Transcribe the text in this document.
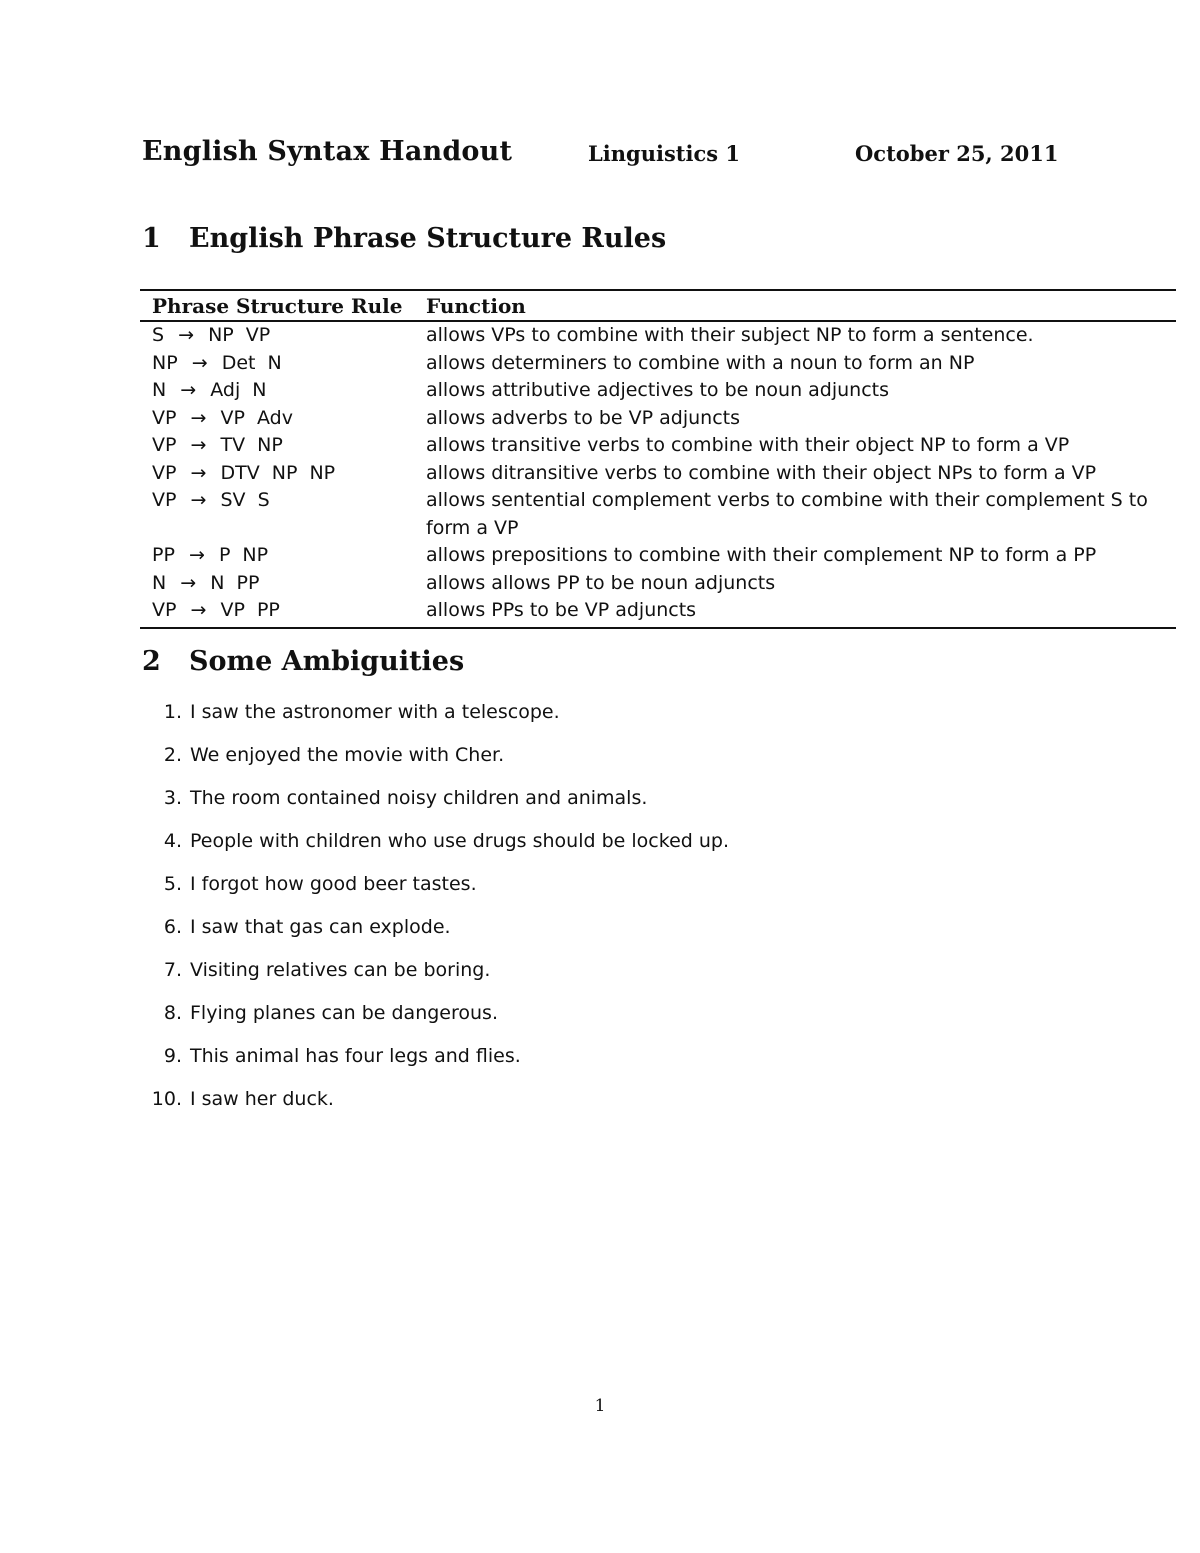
English Syntax Handout	Linguistics 1	October 25, 2011
1 English Phrase Structure Rules
Phrase Structure Rule	Function
S → NP VP	allows VPs to combine with their subject NP to form a sentence.
NP → Det N	allows determiners to combine with a noun to form an NP
N → Adj N	allows attributive adjectives to be noun adjuncts
VP → VP Adv	allows adverbs to be VP adjuncts
VP → TV NP	allows transitive verbs to combine with their object NP to form a VP
VP → DTV NP NP	allows ditransitive verbs to combine with their object NPs to form a VP
VP → SV S	allows sentential complement verbs to combine with their complement S to form a VP
PP → P NP	allows prepositions to combine with their complement NP to form a PP
N → N PP	allows allows PP to be noun adjuncts
VP → VP PP	allows PPs to be VP adjuncts
2 Some Ambiguities
1. I saw the astronomer with a telescope.
2. We enjoyed the movie with Cher.
3. The room contained noisy children and animals.
4. People with children who use drugs should be locked up.
5. I forgot how good beer tastes.
6. I saw that gas can explode.
7. Visiting relatives can be boring.
8. Flying planes can be dangerous.
9. This animal has four legs and flies.
10. I saw her duck.
1
